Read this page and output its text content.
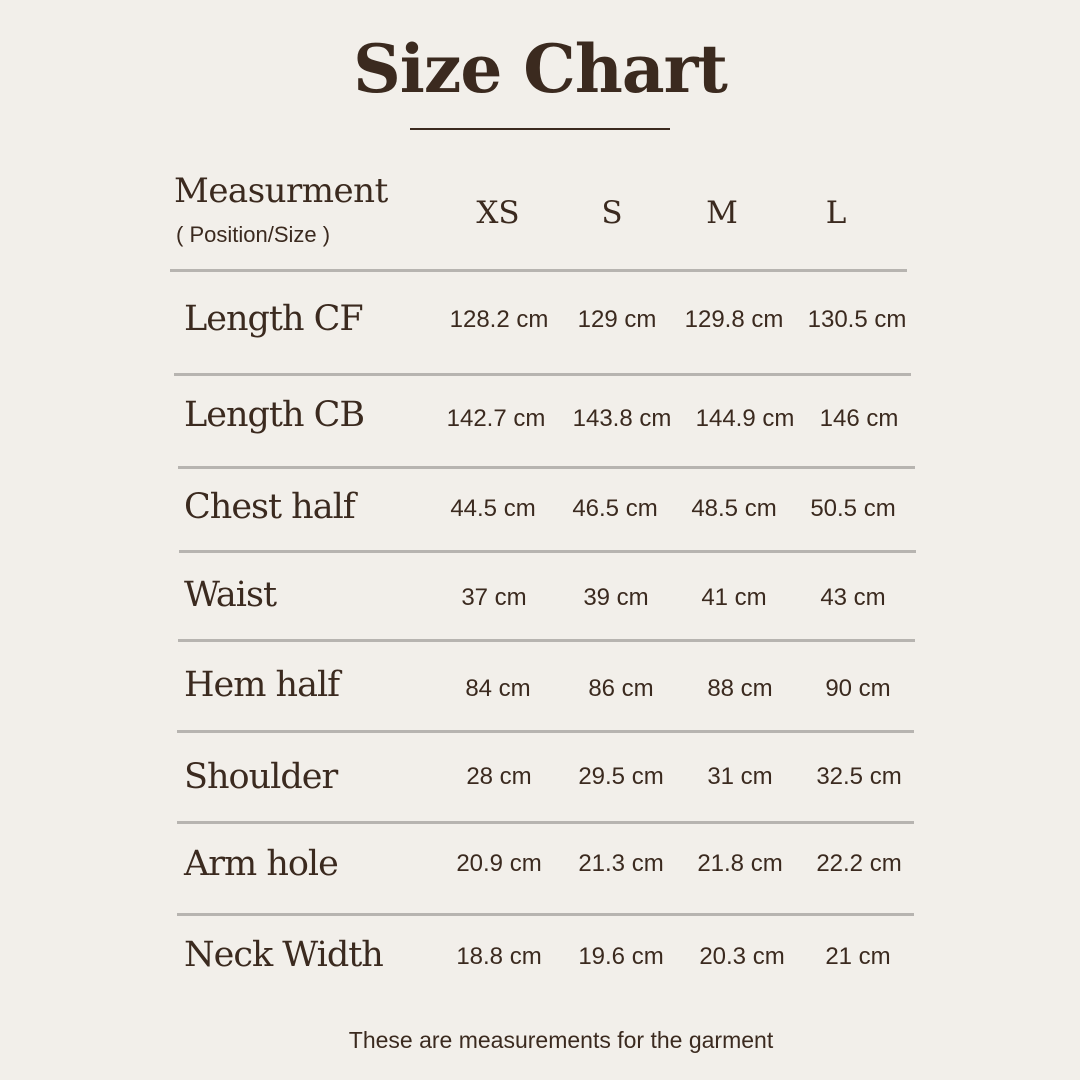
Size Chart
Measurment
( Position/Size )
XS	S	M	L
Length CF	128.2 cm	129 cm	129.8 cm	130.5 cm
Length CB	142.7 cm	143.8 cm	144.9 cm	146 cm
Chest half	44.5 cm	46.5 cm	48.5 cm	50.5 cm
Waist	37 cm	39 cm	41 cm	43 cm
Hem half	84 cm	86 cm	88 cm	90 cm
Shoulder	28 cm	29.5 cm	31 cm	32.5 cm
Arm hole	20.9 cm	21.3 cm	21.8 cm	22.2 cm
Neck Width	18.8 cm	19.6 cm	20.3 cm	21 cm
These are measurements for the garment
